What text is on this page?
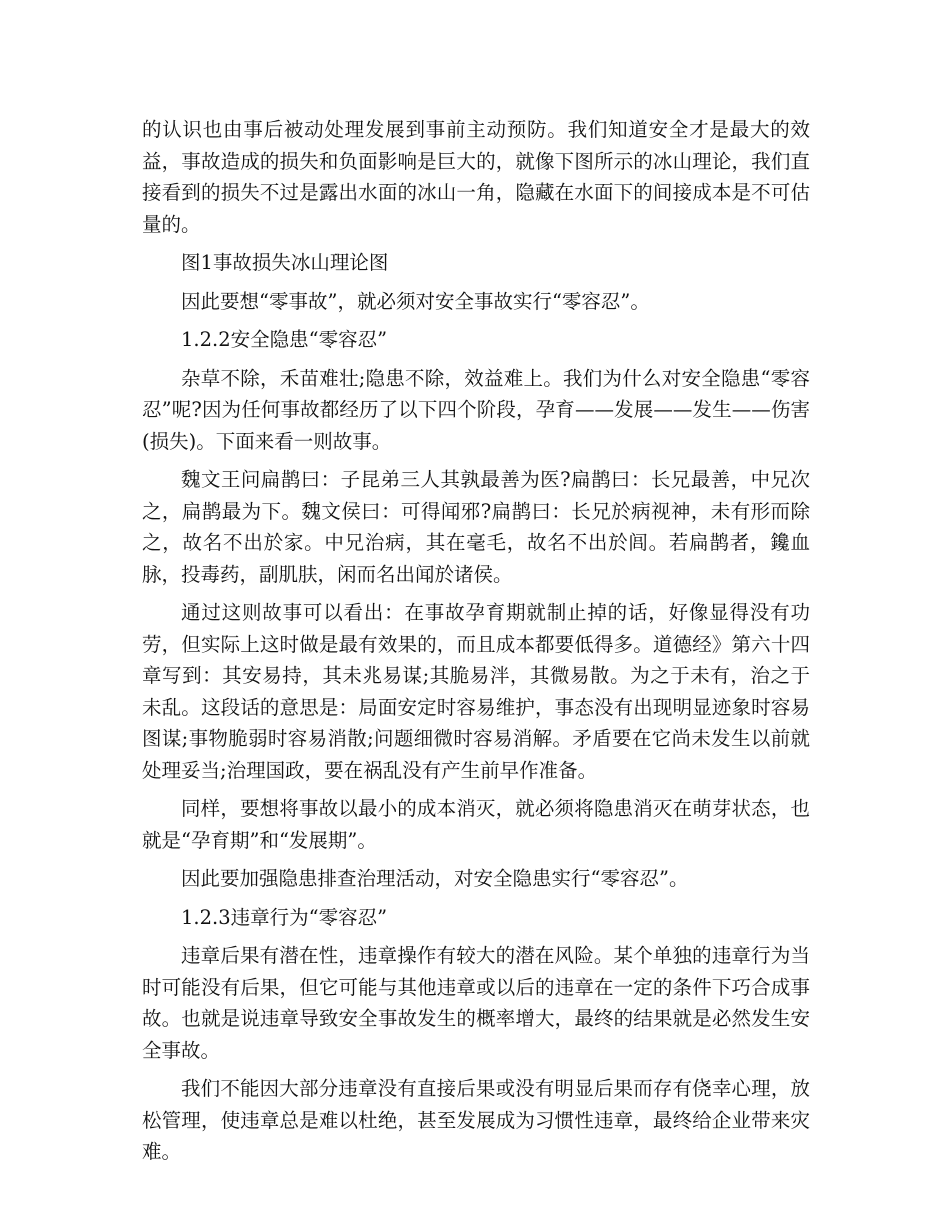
的认识也由事后被动处理发展到事前主动预防。我们知道安全才是最大的效益，事故造成的损失和负面影响是巨大的，就像下图所示的冰山理论，我们直接看到的损失不过是露出水面的冰山一角，隐藏在水面下的间接成本是不可估量的。

图1事故损失冰山理论图

因此要想“零事故”，就必须对安全事故实行“零容忍”。

1.2.2安全隐患“零容忍”

杂草不除，禾苗难壮;隐患不除，效益难上。我们为什么对安全隐患“零容忍”呢?因为任何事故都经历了以下四个阶段，孕育——发展——发生——伤害(损失)。下面来看一则故事。

魏文王问扁鹊曰：子昆弟三人其孰最善为医?扁鹊曰：长兄最善，中兄次之，扁鹊最为下。魏文侯曰：可得闻邪?扁鹊曰：长兄於病视神，未有形而除之，故名不出於家。中兄治病，其在毫毛，故名不出於闾。若扁鹊者，鑱血脉，投毒药，副肌肤，闲而名出闻於诸侯。

通过这则故事可以看出：在事故孕育期就制止掉的话，好像显得没有功劳，但实际上这时做是最有效果的，而且成本都要低得多。道德经》第六十四章写到：其安易持，其未兆易谋;其脆易泮，其微易散。为之于未有，治之于未乱。这段话的意思是：局面安定时容易维护，事态没有出现明显迹象时容易图谋;事物脆弱时容易消散;问题细微时容易消解。矛盾要在它尚未发生以前就处理妥当;治理国政，要在祸乱没有产生前早作准备。

同样，要想将事故以最小的成本消灭，就必须将隐患消灭在萌芽状态，也就是“孕育期”和“发展期”。

因此要加强隐患排查治理活动，对安全隐患实行“零容忍”。

1.2.3违章行为“零容忍”

违章后果有潜在性，违章操作有较大的潜在风险。某个单独的违章行为当时可能没有后果，但它可能与其他违章或以后的违章在一定的条件下巧合成事故。也就是说违章导致安全事故发生的概率增大，最终的结果就是必然发生安全事故。

我们不能因大部分违章没有直接后果或没有明显后果而存有侥幸心理，放松管理，使违章总是难以杜绝，甚至发展成为习惯性违章，最终给企业带来灾难。
